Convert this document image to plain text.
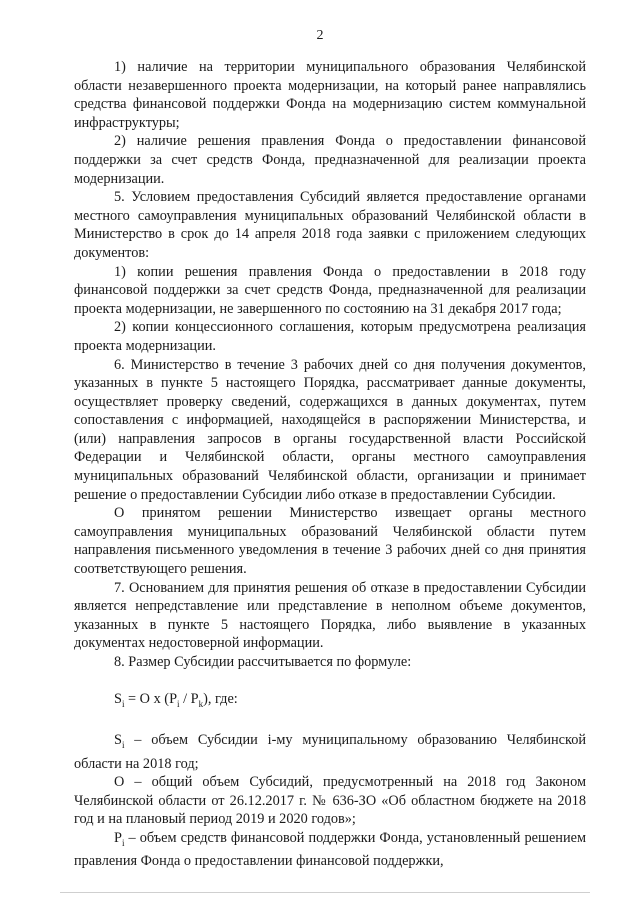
2

1) наличие на территории муниципального образования Челябинской области незавершенного проекта модернизации, на который ранее направлялись средства финансовой поддержки Фонда на модернизацию систем коммунальной инфраструктуры;

2) наличие решения правления Фонда о предоставлении финансовой поддержки за счет средств Фонда, предназначенной для реализации проекта модернизации.

5. Условием предоставления Субсидий является предоставление органами местного самоуправления муниципальных образований Челябинской области в Министерство в срок до 14 апреля 2018 года заявки с приложением следующих документов:

1) копии решения правления Фонда о предоставлении в 2018 году финансовой поддержки за счет средств Фонда, предназначенной для реализации проекта модернизации, не завершенного по состоянию на 31 декабря 2017 года;

2) копии концессионного соглашения, которым предусмотрена реализация проекта модернизации.

6. Министерство в течение 3 рабочих дней со дня получения документов, указанных в пункте 5 настоящего Порядка, рассматривает данные документы, осуществляет проверку сведений, содержащихся в данных документах, путем сопоставления с информацией, находящейся в распоряжении Министерства, и (или) направления запросов в органы государственной власти Российской Федерации и Челябинской области, органы местного самоуправления муниципальных образований Челябинской области, организации и принимает решение о предоставлении Субсидии либо отказе в предоставлении Субсидии.

О принятом решении Министерство извещает органы местного самоуправления муниципальных образований Челябинской области путем направления письменного уведомления в течение 3 рабочих дней со дня принятия соответствующего решения.

7. Основанием для принятия решения об отказе в предоставлении Субсидии является непредставление или представление в неполном объеме документов, указанных в пункте 5 настоящего Порядка, либо выявление в указанных документах недостоверной информации.

8. Размер Субсидии рассчитывается по формуле:

$S_i = О$ x $(P_i / P_k)$, где:

$S_i$ – объем Субсидии i-му муниципальному образованию Челябинской области на 2018 год;

О – общий объем Субсидий, предусмотренный на 2018 год Законом Челябинской области от 26.12.2017 г. № 636-ЗО «Об областном бюджете на 2018 год и на плановый период 2019 и 2020 годов»;

$P_i$ – объем средств финансовой поддержки Фонда, установленный решением правления Фонда о предоставлении финансовой поддержки,
